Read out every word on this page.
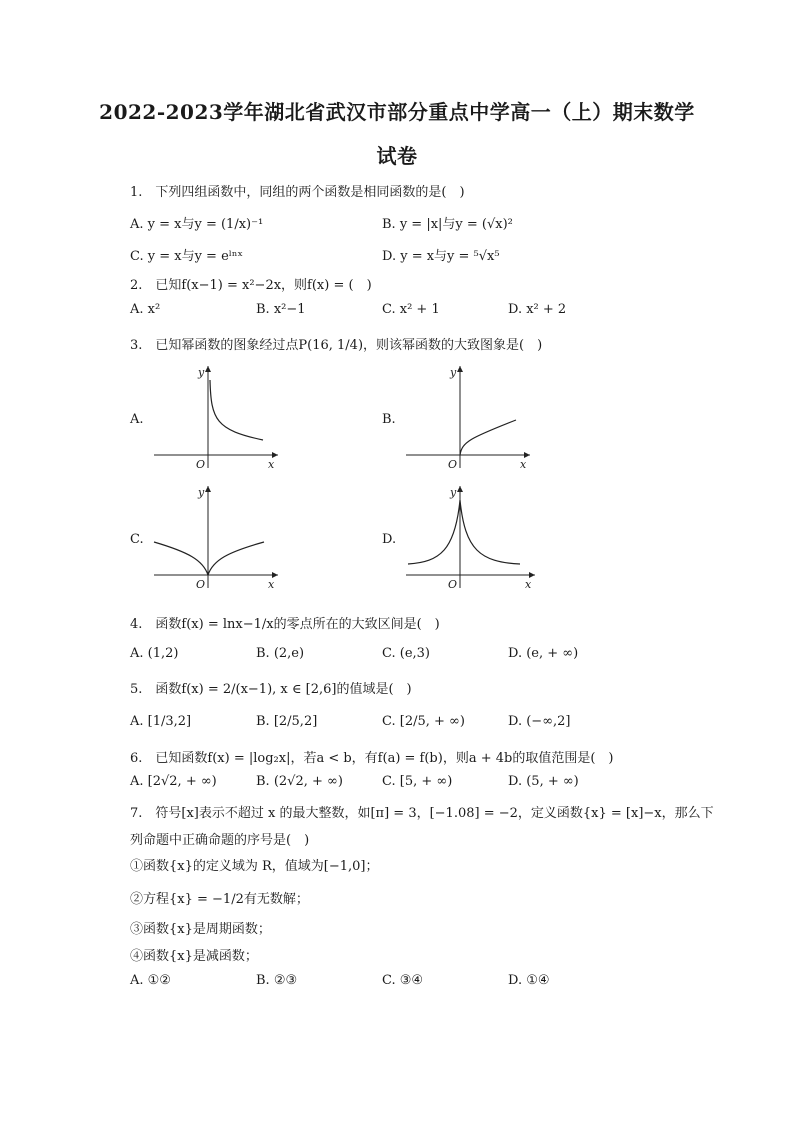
2022-2023学年湖北省武汉市部分重点中学高一（上）期末数学
试卷
1.　下列四组函数中，同组的两个函数是相同函数的是(　)
A. y = x与y = (1/x)⁻¹	B. y = |x|与y = (√x)²
C. y = x与y = eˡⁿˣ	D. y = x与y = ⁵√x⁵
2.　已知f(x−1) = x²−2x，则f(x) = (　)
A. x²	B. x²−1	C. x² + 1	D. x² + 2
3.　已知幂函数的图象经过点P(16, 1/4)，则该幂函数的大致图象是(　)
A.
y
x
O
B.
y
x
O
C.
y
x
O
D.
y
x
O
4.　函数f(x) = lnx−1/x的零点所在的大致区间是(　)
A. (1,2)	B. (2,e)	C. (e,3)	D. (e, + ∞)
5.　函数f(x) = 2/(x−1), x ∈ [2,6]的值域是(　)
A. [1/3,2]	B. [2/5,2]	C. [2/5, + ∞)	D. (−∞,2]
6.　已知函数f(x) = |log₂x|，若a < b，有f(a) = f(b)，则a + 4b的取值范围是(　)
A. [2√2, + ∞)	B. (2√2, + ∞)	C. [5, + ∞)	D. (5, + ∞)
7.　符号[x]表示不超过 x 的最大整数，如[π] = 3，[−1.08] = −2，定义函数{x} = [x]−x，那么下
列命题中正确命题的序号是(　)
①函数{x}的定义域为 R，值域为[−1,0]；
②方程{x} = −1/2有无数解；
③函数{x}是周期函数；
④函数{x}是减函数；
A. ①②	B. ②③	C. ③④	D. ①④
